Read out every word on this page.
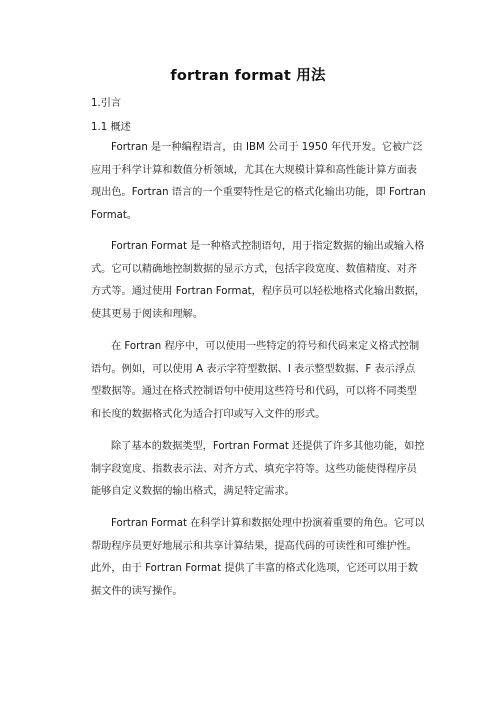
fortran format 用法
1.引言
1.1 概述
Fortran 是一种编程语言，由 IBM 公司于 1950 年代开发。它被广泛
应用于科学计算和数值分析领域，尤其在大规模计算和高性能计算方面表
现出色。Fortran 语言的一个重要特性是它的格式化输出功能，即 Fortran
Format。
Fortran Format 是一种格式控制语句，用于指定数据的输出或输入格
式。它可以精确地控制数据的显示方式，包括字段宽度、数值精度、对齐
方式等。通过使用 Fortran Format，程序员可以轻松地格式化输出数据，
使其更易于阅读和理解。
在 Fortran 程序中，可以使用一些特定的符号和代码来定义格式控制
语句。例如，可以使用 A 表示字符型数据、I 表示整型数据、F 表示浮点
型数据等。通过在格式控制语句中使用这些符号和代码，可以将不同类型
和长度的数据格式化为适合打印或写入文件的形式。
除了基本的数据类型，Fortran Format 还提供了许多其他功能，如控
制字段宽度、指数表示法、对齐方式、填充字符等。这些功能使得程序员
能够自定义数据的输出格式，满足特定需求。
Fortran Format 在科学计算和数据处理中扮演着重要的角色。它可以
帮助程序员更好地展示和共享计算结果，提高代码的可读性和可维护性。
此外，由于 Fortran Format 提供了丰富的格式化选项，它还可以用于数
据文件的读写操作。
